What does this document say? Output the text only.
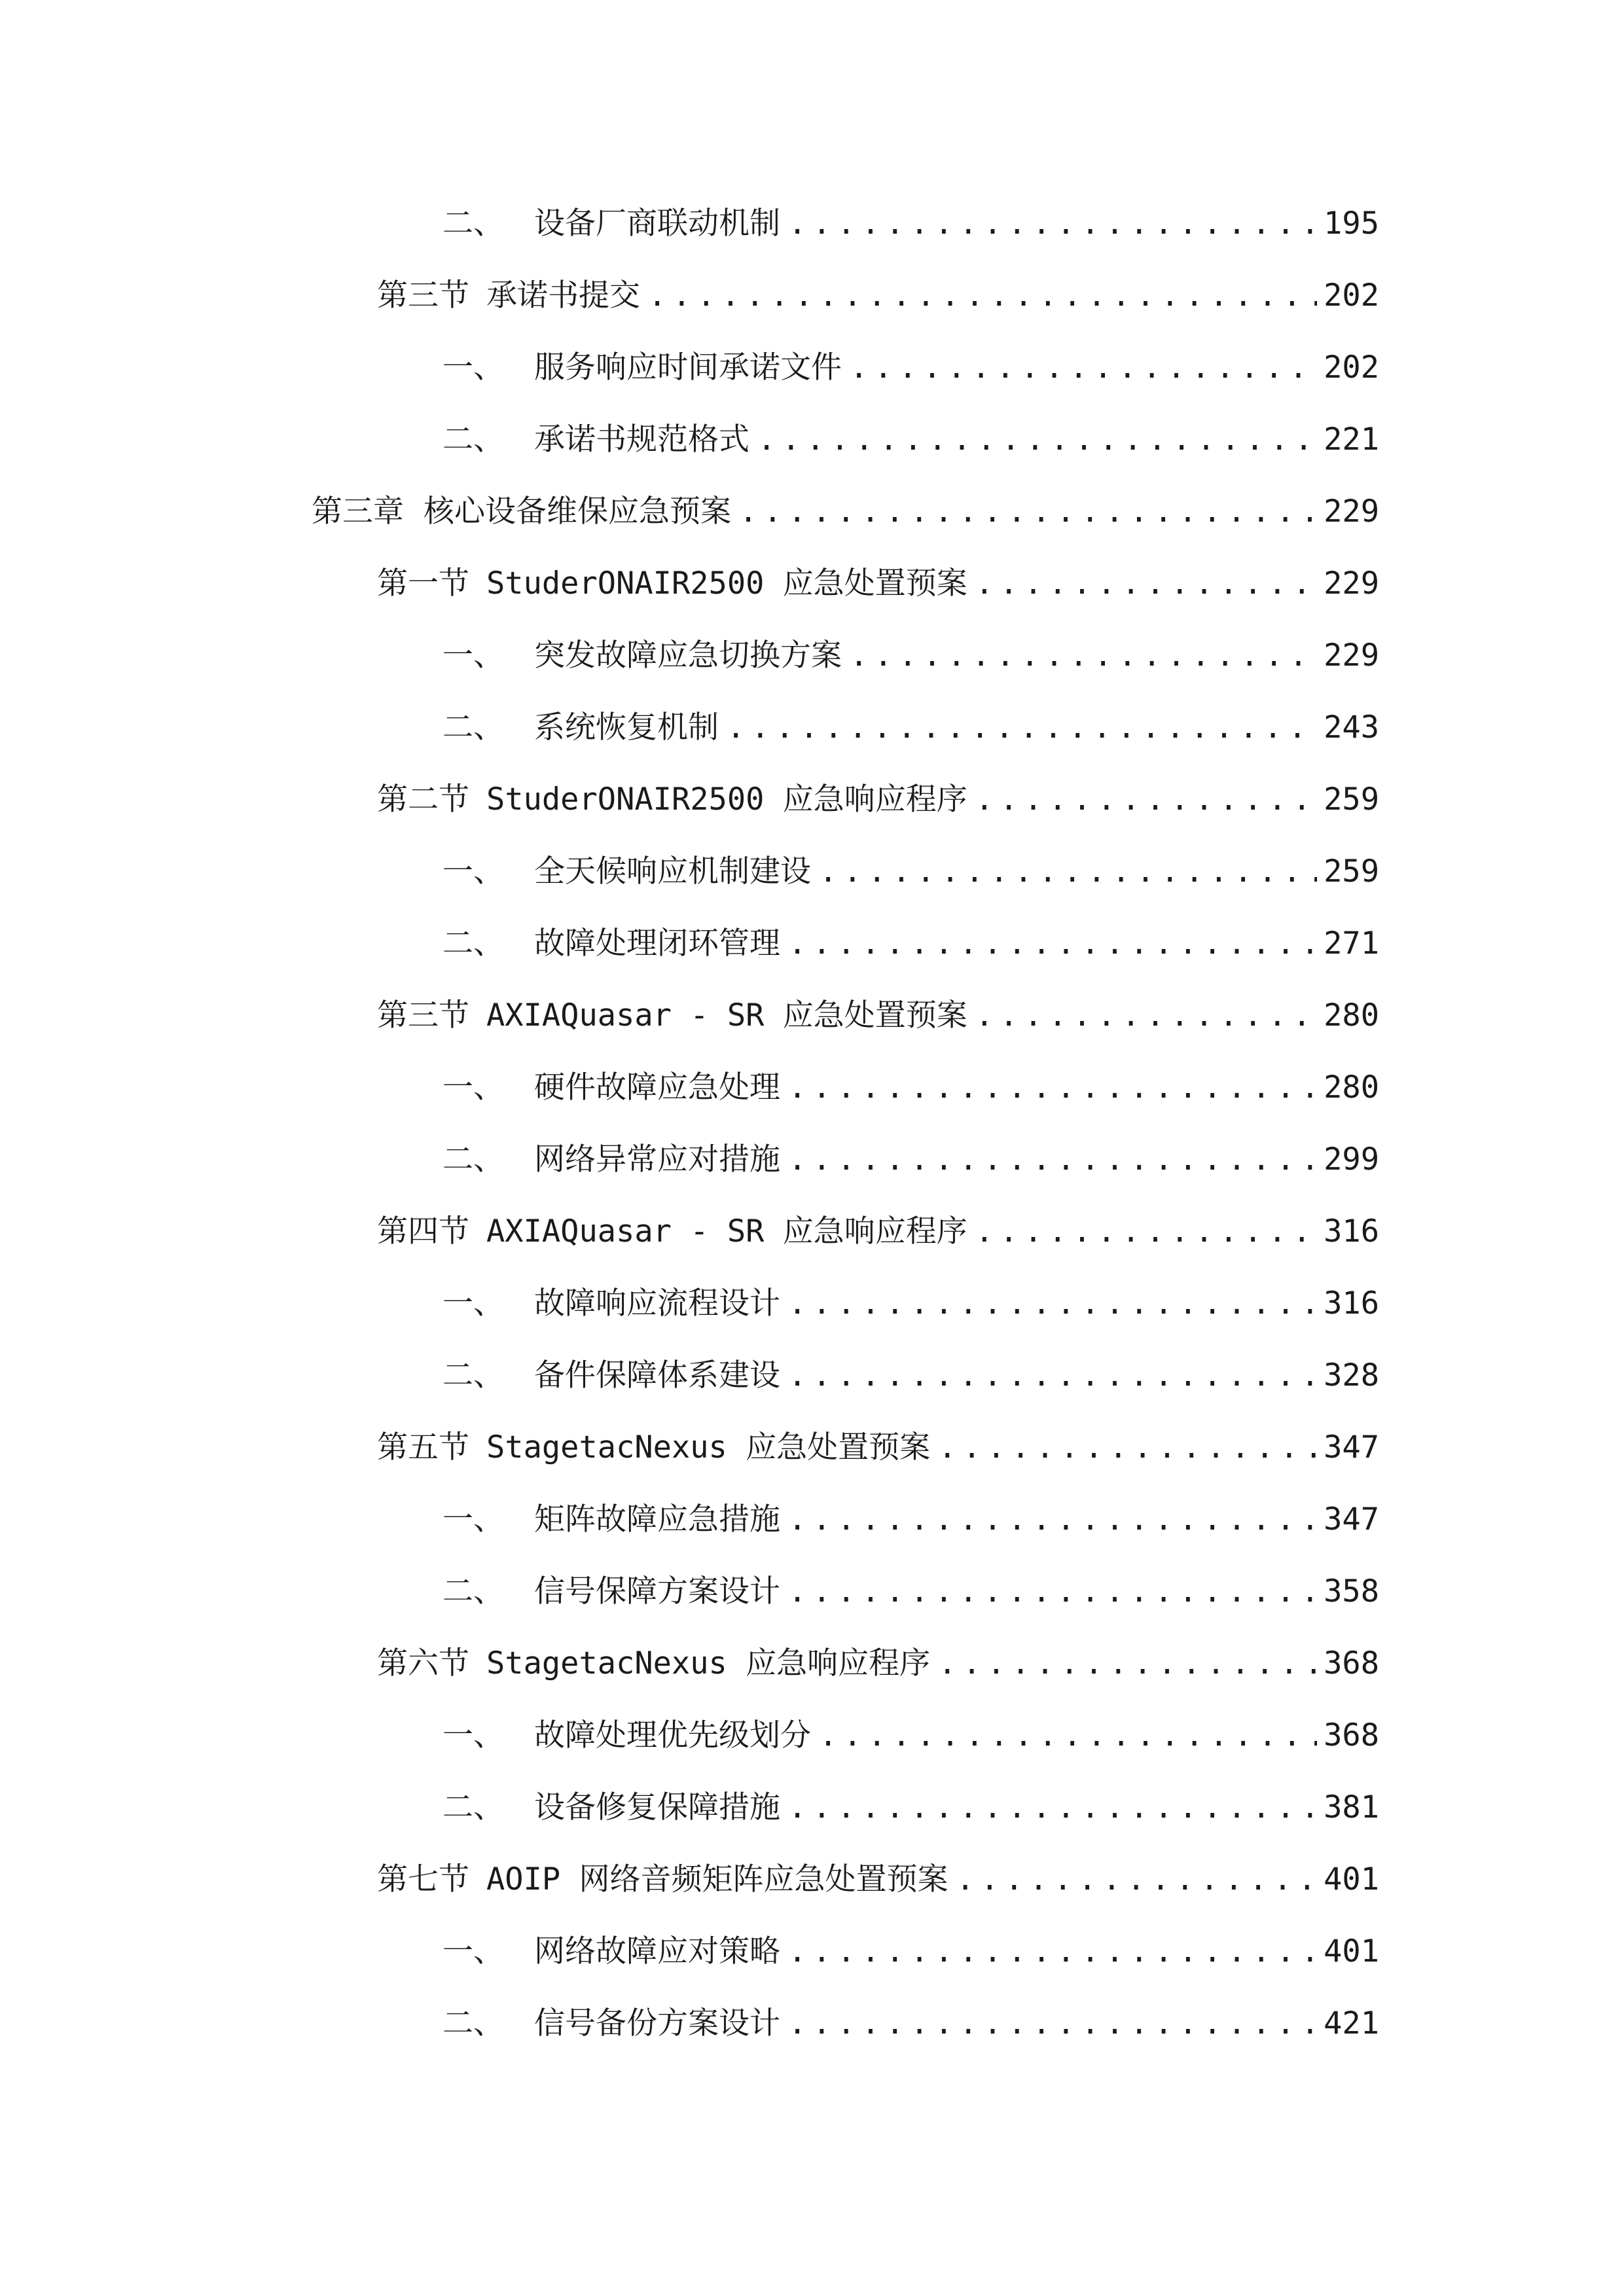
二、 设备厂商联动机制 .....	195
第三节 承诺书提交 .....	202
一、 服务响应时间承诺文件 .....	202
二、 承诺书规范格式 .....	221
第三章 核心设备维保应急预案 .....	229
第一节 StuderONAIR2500 应急处置预案 .....	229
一、 突发故障应急切换方案 .....	229
二、 系统恢复机制 .....	243
第二节 StuderONAIR2500 应急响应程序 .....	259
一、 全天候响应机制建设 .....	259
二、 故障处理闭环管理 .....	271
第三节 AXIAQuasar - SR 应急处置预案 .....	280
一、 硬件故障应急处理 .....	280
二、 网络异常应对措施 .....	299
第四节 AXIAQuasar - SR 应急响应程序 .....	316
一、 故障响应流程设计 .....	316
二、 备件保障体系建设 .....	328
第五节 StagetacNexus 应急处置预案 .....	347
一、 矩阵故障应急措施 .....	347
二、 信号保障方案设计 .....	358
第六节 StagetacNexus 应急响应程序 .....	368
一、 故障处理优先级划分 .....	368
二、 设备修复保障措施 .....	381
第七节 AOIP 网络音频矩阵应急处置预案 .....	401
一、 网络故障应对策略 .....	401
二、 信号备份方案设计 .....	421
